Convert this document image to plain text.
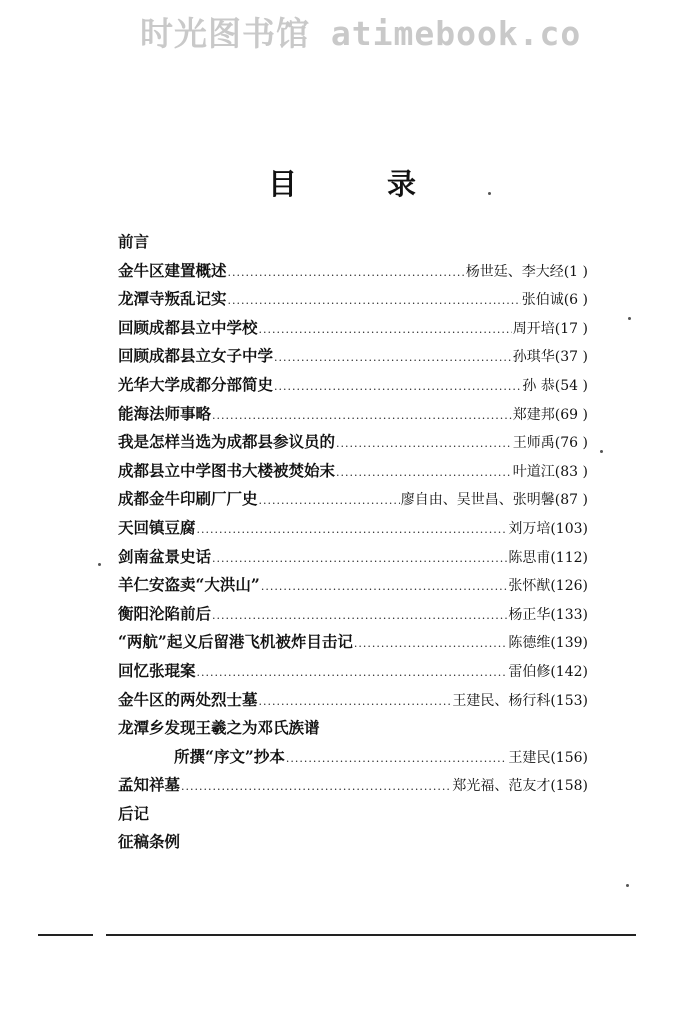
时光图书馆 atimebook.co
目 录
前言
金牛区建置概述 .....	杨世廷、李大经 (1 )
龙潭寺叛乱记实 .....	张伯诚 (6 )
回顾成都县立中学校 .....	周开培 (17 )
回顾成都县立女子中学 .....	孙琪华 (37 )
光华大学成都分部简史 .....	孙 恭 (54 )
能海法师事略 .....	郑建邦 (69 )
我是怎样当选为成都县参议员的 .....	王师禹 (76 )
成都县立中学图书大楼被焚始末 .....	叶道江 (83 )
成都金牛印刷厂厂史 .....	廖自由、吴世昌、张明馨 (87 )
天回镇豆腐 .....	刘万培 (103)
剑南盆景史话 .....	陈思甫 (112)
羊仁安盗卖“大洪山” .....	张怀猷 (126)
衡阳沦陷前后 .....	杨正华 (133)
“两航”起义后留港飞机被炸目击记 .....	陈德维 (139)
回忆张琨案 .....	雷伯修 (142)
金牛区的两处烈士墓 .....	王建民、杨行科 (153)
龙潭乡发现王羲之为邓氏族谱
所撰“序文”抄本 .....	王建民 (156)
孟知祥墓 .....	郑光福、范友才 (158)
后记
征稿条例
